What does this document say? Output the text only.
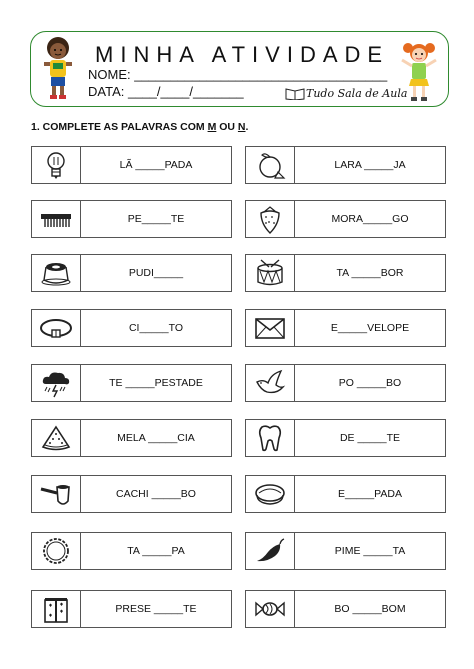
MINHA ATIVIDADE
NOME: ___________________________________
DATA: ____/____/_______	Tudo Sala de Aula
1. COMPLETE AS PALAVRAS COM M OU N.
LÃ _____PADA	LARA _____JA
PE_____TE	MORA_____GO
PUDI_____	TA _____BOR
CI_____TO	E_____VELOPE
TE _____PESTADE	PO _____BO
MELA _____CIA	DE _____TE
CACHI _____BO	E_____PADA
TA _____PA	PIME _____TA
PRESE _____TE	BO _____BOM
